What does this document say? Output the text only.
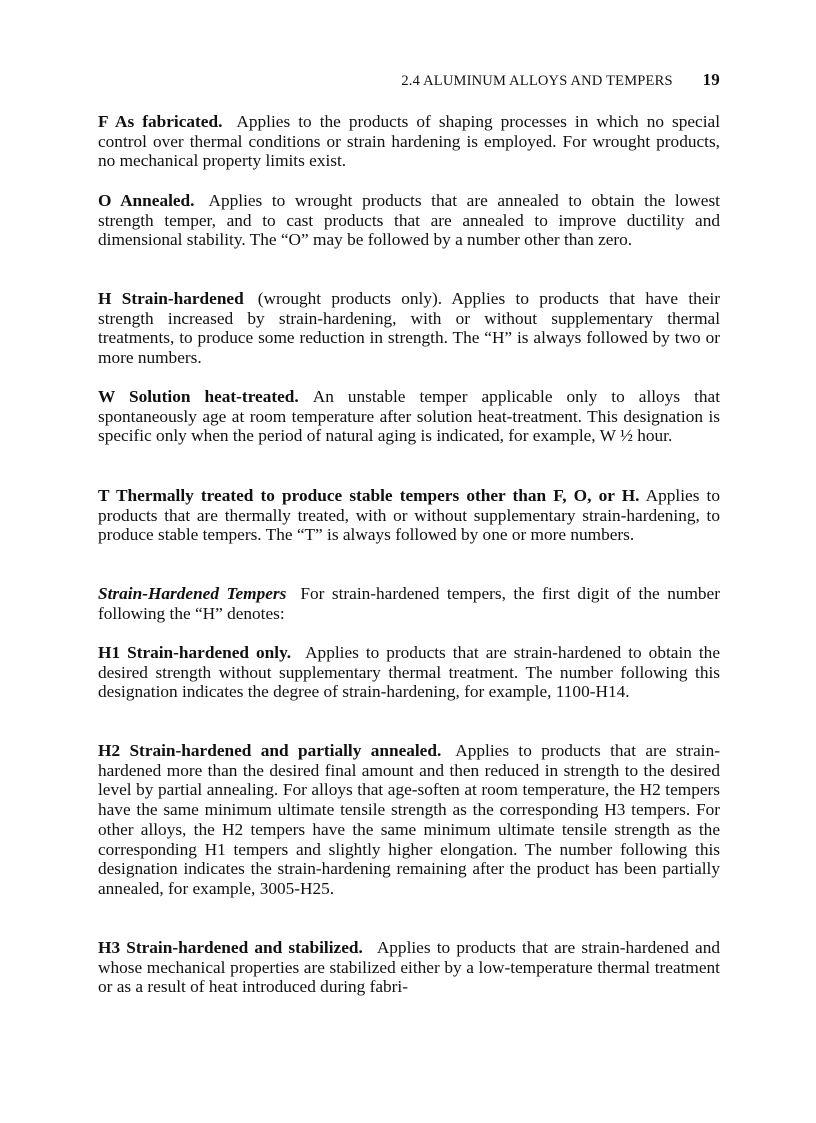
2.4 ALUMINUM ALLOYS AND TEMPERS 19

F As fabricated. Applies to the products of shaping processes in which no special control over thermal conditions or strain hardening is employed. For wrought products, no mechanical property limits exist.

O Annealed. Applies to wrought products that are annealed to obtain the lowest strength temper, and to cast products that are annealed to improve ductility and dimensional stability. The “O” may be followed by a number other than zero.

H Strain-hardened (wrought products only). Applies to products that have their strength increased by strain-hardening, with or without supplementary thermal treatments, to produce some reduction in strength. The “H” is always followed by two or more numbers.

W Solution heat-treated. An unstable temper applicable only to alloys that spontaneously age at room temperature after solution heat-treatment. This designation is specific only when the period of natural aging is indicated, for example, W ½ hour.

T Thermally treated to produce stable tempers other than F, O, or H. Applies to products that are thermally treated, with or without supplementary strain-hardening, to produce stable tempers. The “T” is always followed by one or more numbers.

Strain-Hardened Tempers For strain-hardened tempers, the first digit of the number following the “H” denotes:

H1 Strain-hardened only. Applies to products that are strain-hardened to obtain the desired strength without supplementary thermal treatment. The number following this designation indicates the degree of strain-hardening, for example, 1100-H14.

H2 Strain-hardened and partially annealed. Applies to products that are strain-hardened more than the desired final amount and then reduced in strength to the desired level by partial annealing. For alloys that age-soften at room temperature, the H2 tempers have the same minimum ultimate tensile strength as the corresponding H3 tempers. For other alloys, the H2 tempers have the same minimum ultimate tensile strength as the corresponding H1 tempers and slightly higher elongation. The number following this designation indicates the strain-hardening remaining after the product has been partially annealed, for example, 3005-H25.

H3 Strain-hardened and stabilized. Applies to products that are strain-hardened and whose mechanical properties are stabilized either by a low-temperature thermal treatment or as a result of heat introduced during fabri-
